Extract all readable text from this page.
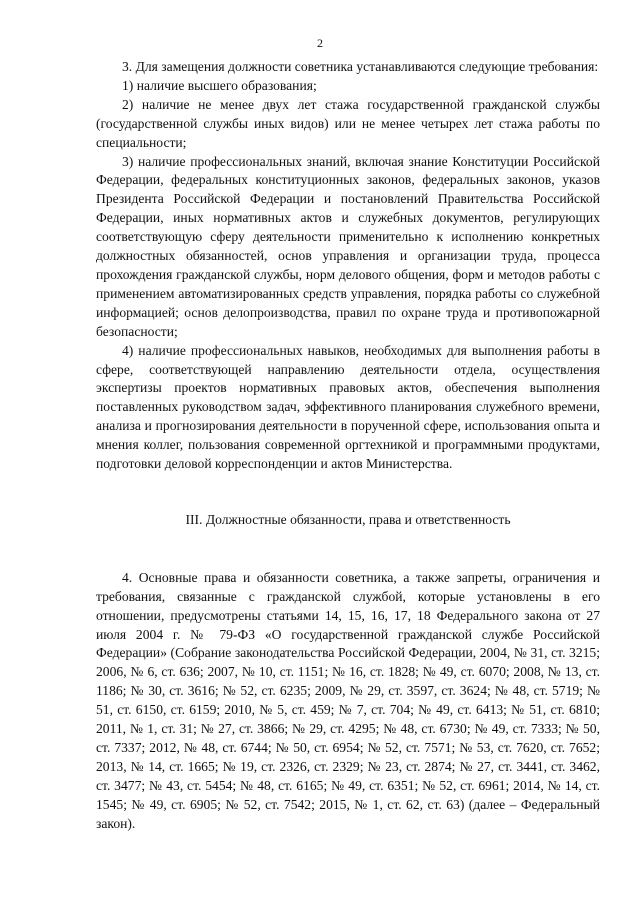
2

3. Для замещения должности советника устанавливаются следующие требования:

1) наличие высшего образования;

2) наличие не менее двух лет стажа государственной гражданской службы (государственной службы иных видов) или не менее четырех лет стажа работы по специальности;

3) наличие профессиональных знаний, включая знание Конституции Российской Федерации, федеральных конституционных законов, федеральных законов, указов Президента Российской Федерации и постановлений Правительства Российской Федерации, иных нормативных актов и служебных документов, регулирующих соответствующую сферу деятельности применительно к исполнению конкретных должностных обязанностей, основ управления и организации труда, процесса прохождения гражданской службы, норм делового общения, форм и методов работы с применением автоматизированных средств управления, порядка работы со служебной информацией; основ делопроизводства, правил по охране труда и противопожарной безопасности;

4) наличие профессиональных навыков, необходимых для выполнения работы в сфере, соответствующей направлению деятельности отдела, осуществления экспертизы проектов нормативных правовых актов, обеспечения выполнения поставленных руководством задач, эффективного планирования служебного времени, анализа и прогнозирования деятельности в порученной сфере, использования опыта и мнения коллег, пользования современной оргтехникой и программными продуктами, подготовки деловой корреспонденции и актов Министерства.

III. Должностные обязанности, права и ответственность

4. Основные права и обязанности советника, а также запреты, ограничения и требования, связанные с гражданской службой, которые установлены в его отношении, предусмотрены статьями 14, 15, 16, 17, 18 Федерального закона от 27 июля 2004 г. № 79-ФЗ «О государственной гражданской службе Российской Федерации» (Собрание законодательства Российской Федерации, 2004, № 31, ст. 3215; 2006, № 6, ст. 636; 2007, № 10, ст. 1151; № 16, ст. 1828; № 49, ст. 6070; 2008, № 13, ст. 1186; № 30, ст. 3616; № 52, ст. 6235; 2009, № 29, ст. 3597, ст. 3624; № 48, ст. 5719; № 51, ст. 6150, ст. 6159; 2010, № 5, ст. 459; № 7, ст. 704; № 49, ст. 6413; № 51, ст. 6810; 2011, № 1, ст. 31; № 27, ст. 3866; № 29, ст. 4295; № 48, ст. 6730; № 49, ст. 7333; № 50, ст. 7337; 2012, № 48, ст. 6744; № 50, ст. 6954; № 52, ст. 7571; № 53, ст. 7620, ст. 7652; 2013, № 14, ст. 1665; № 19, ст. 2326, ст. 2329; № 23, ст. 2874; № 27, ст. 3441, ст. 3462, ст. 3477; № 43, ст. 5454; № 48, ст. 6165; № 49, ст. 6351; № 52, ст. 6961; 2014, № 14, ст. 1545; № 49, ст. 6905; № 52, ст. 7542; 2015, № 1, ст. 62, ст. 63) (далее – Федеральный закон).
